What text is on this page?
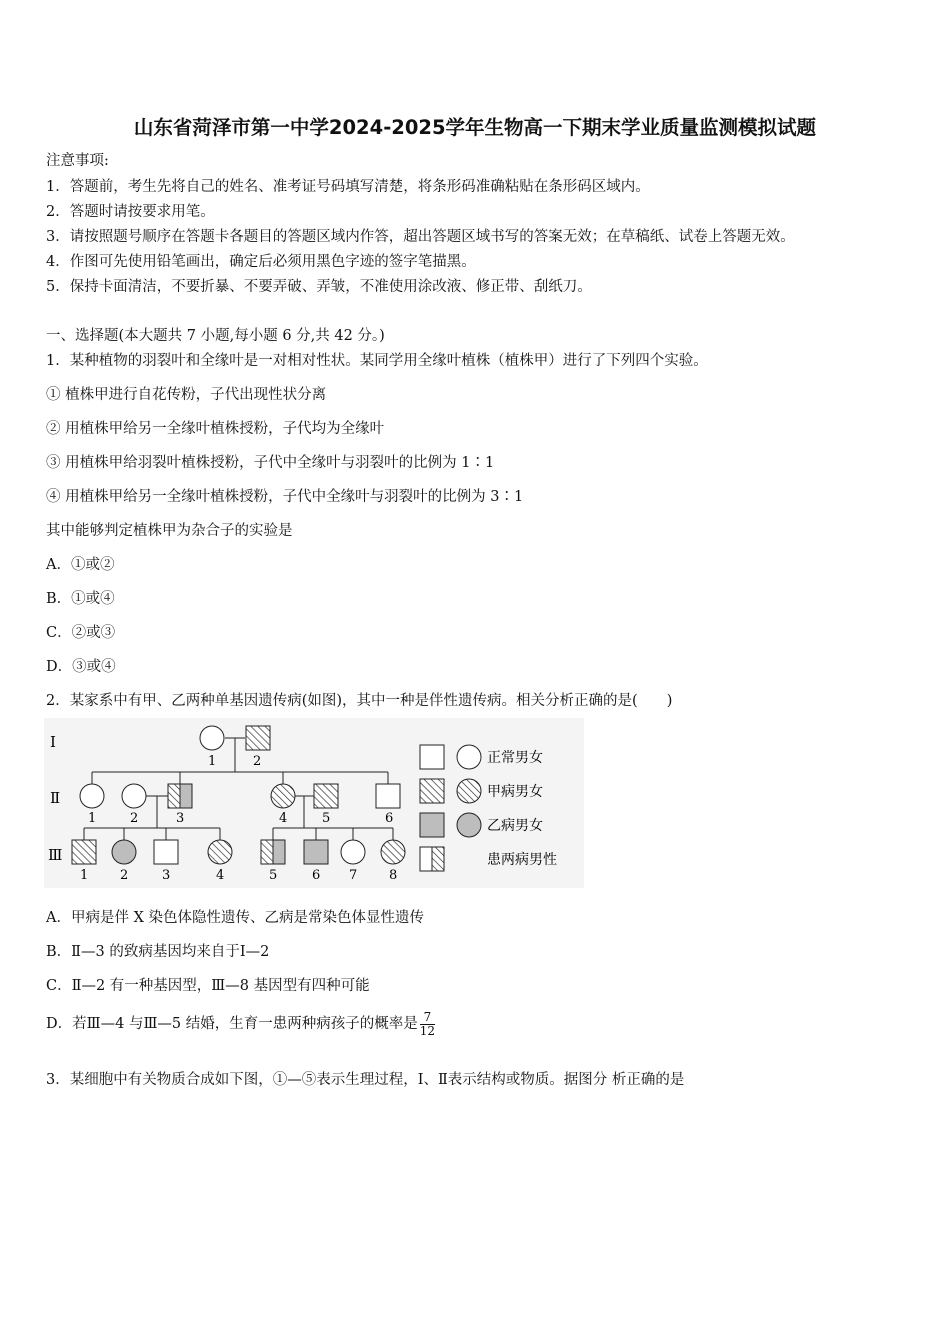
山东省菏泽市第一中学2024-2025学年生物高一下期末学业质量监测模拟试题
注意事项:
1．答题前，考生先将自己的姓名、准考证号码填写清楚，将条形码准确粘贴在条形码区域内。
2．答题时请按要求用笔。
3．请按照题号顺序在答题卡各题目的答题区域内作答，超出答题区域书写的答案无效；在草稿纸、试卷上答题无效。
4．作图可先使用铅笔画出，确定后必须用黑色字迹的签字笔描黑。
5．保持卡面清洁，不要折暴、不要弄破、弄皱，不准使用涂改液、修正带、刮纸刀。
一、选择题(本大题共 7 小题,每小题 6 分,共 42 分。)
1．某种植物的羽裂叶和全缘叶是一对相对性状。某同学用全缘叶植株（植株甲）进行了下列四个实验。
① 植株甲进行自花传粉，子代出现性状分离
② 用植株甲给另一全缘叶植株授粉，子代均为全缘叶
③ 用植株甲给羽裂叶植株授粉，子代中全缘叶与羽裂叶的比例为 1∶1
④ 用植株甲给另一全缘叶植株授粉，子代中全缘叶与羽裂叶的比例为 3∶1
其中能够判定植株甲为杂合子的实验是
A．①或②
B．①或④
C．②或③
D．③或④
2．某家系中有甲、乙两种单基因遗传病(如图)，其中一种是伴性遗传病。相关分析正确的是(　　)
Ⅰ
Ⅱ
Ⅲ
1	2
1	2	3	4	5	6
1 2	3	4	5	6 7 8
正常男女
甲病男女
乙病男女
患两病男性
A．甲病是伴 X 染色体隐性遗传、乙病是常染色体显性遗传
B．Ⅱ—3 的致病基因均来自于Ⅰ—2
C．Ⅱ—2 有一种基因型，Ⅲ—8 基因型有四种可能
D．若Ⅲ—4 与Ⅲ—5 结婚，生育一患两种病孩子的概率是 $\frac{7}{12}$
3．某细胞中有关物质合成如下图，①—⑤表示生理过程，Ⅰ、Ⅱ表示结构或物质。据图分 析正确的是
